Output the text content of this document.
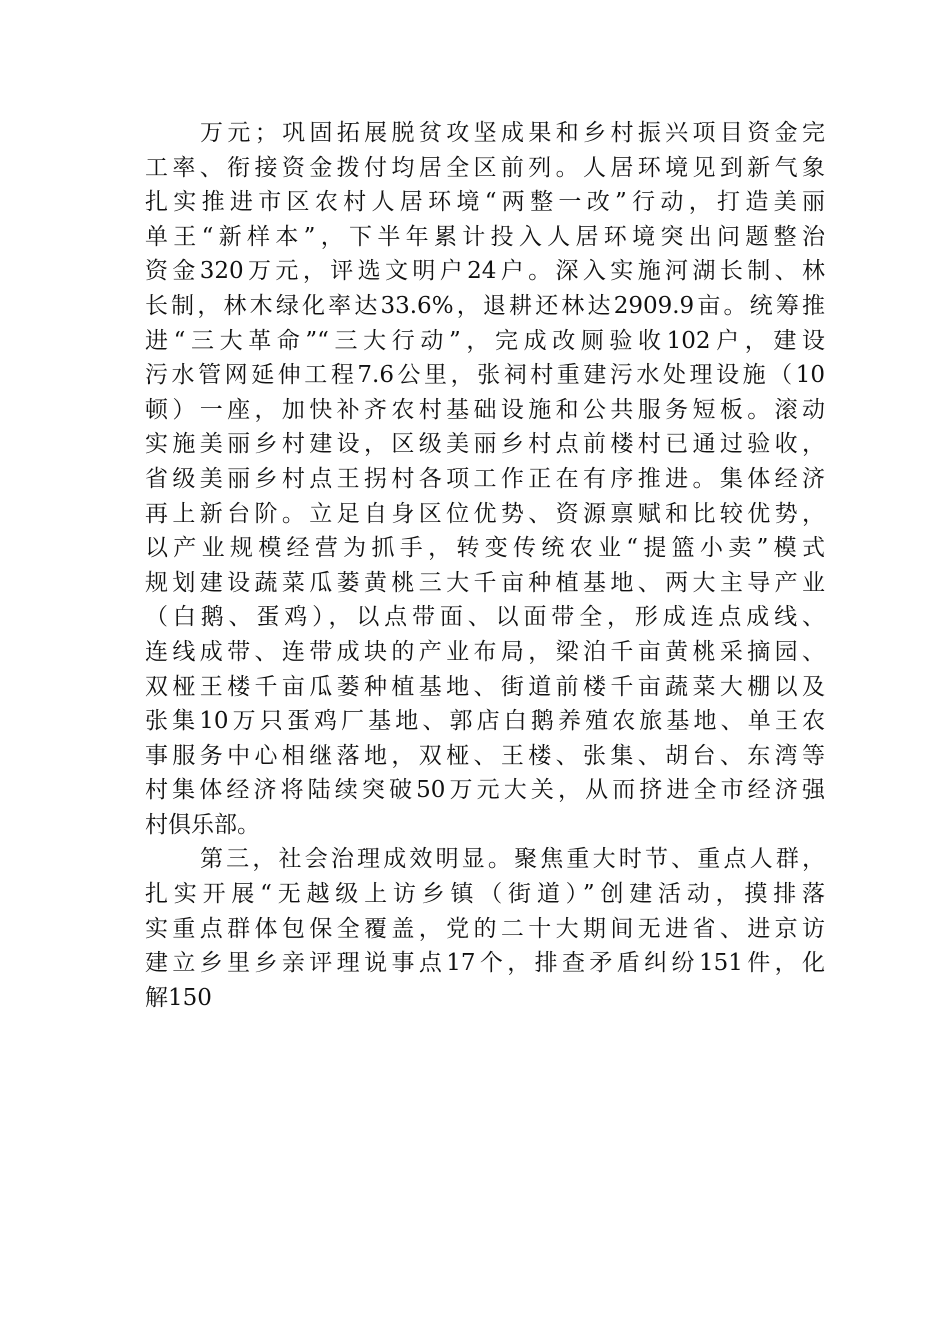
万元；巩固拓展脱贫攻坚成果和乡村振兴项目资金完
工率、衔接资金拨付均居全区前列。人居环境见到新气象
扎实推进市区农村人居环境“两整一改”行动，打造美丽
单王“新样本”，下半年累计投入人居环境突出问题整治
资金320万元，评选文明户24户。深入实施河湖长制、林
长制，林木绿化率达33.6%，退耕还林达2909.9亩。统筹推
进“三大革命”“三大行动”，完成改厕验收102户，建设
污水管网延伸工程7.6公里，张祠村重建污水处理设施（10
顿）一座，加快补齐农村基础设施和公共服务短板。滚动
实施美丽乡村建设，区级美丽乡村点前楼村已通过验收，
省级美丽乡村点王拐村各项工作正在有序推进。集体经济
再上新台阶。立足自身区位优势、资源禀赋和比较优势，
以产业规模经营为抓手，转变传统农业“提篮小卖”模式
规划建设蔬菜瓜蒌黄桃三大千亩种植基地、两大主导产业
（白鹅、蛋鸡），以点带面、以面带全，形成连点成线、
连线成带、连带成块的产业布局，梁泊千亩黄桃采摘园、
双桠王楼千亩瓜蒌种植基地、街道前楼千亩蔬菜大棚以及
张集10万只蛋鸡厂基地、郭店白鹅养殖农旅基地、单王农
事服务中心相继落地，双桠、王楼、张集、胡台、东湾等
村集体经济将陆续突破50万元大关，从而挤进全市经济强
村俱乐部。
第三，社会治理成效明显。聚焦重大时节、重点人群，
扎实开展“无越级上访乡镇（街道）”创建活动，摸排落
实重点群体包保全覆盖，党的二十大期间无进省、进京访
建立乡里乡亲评理说事点17个，排查矛盾纠纷151件，化
解150
